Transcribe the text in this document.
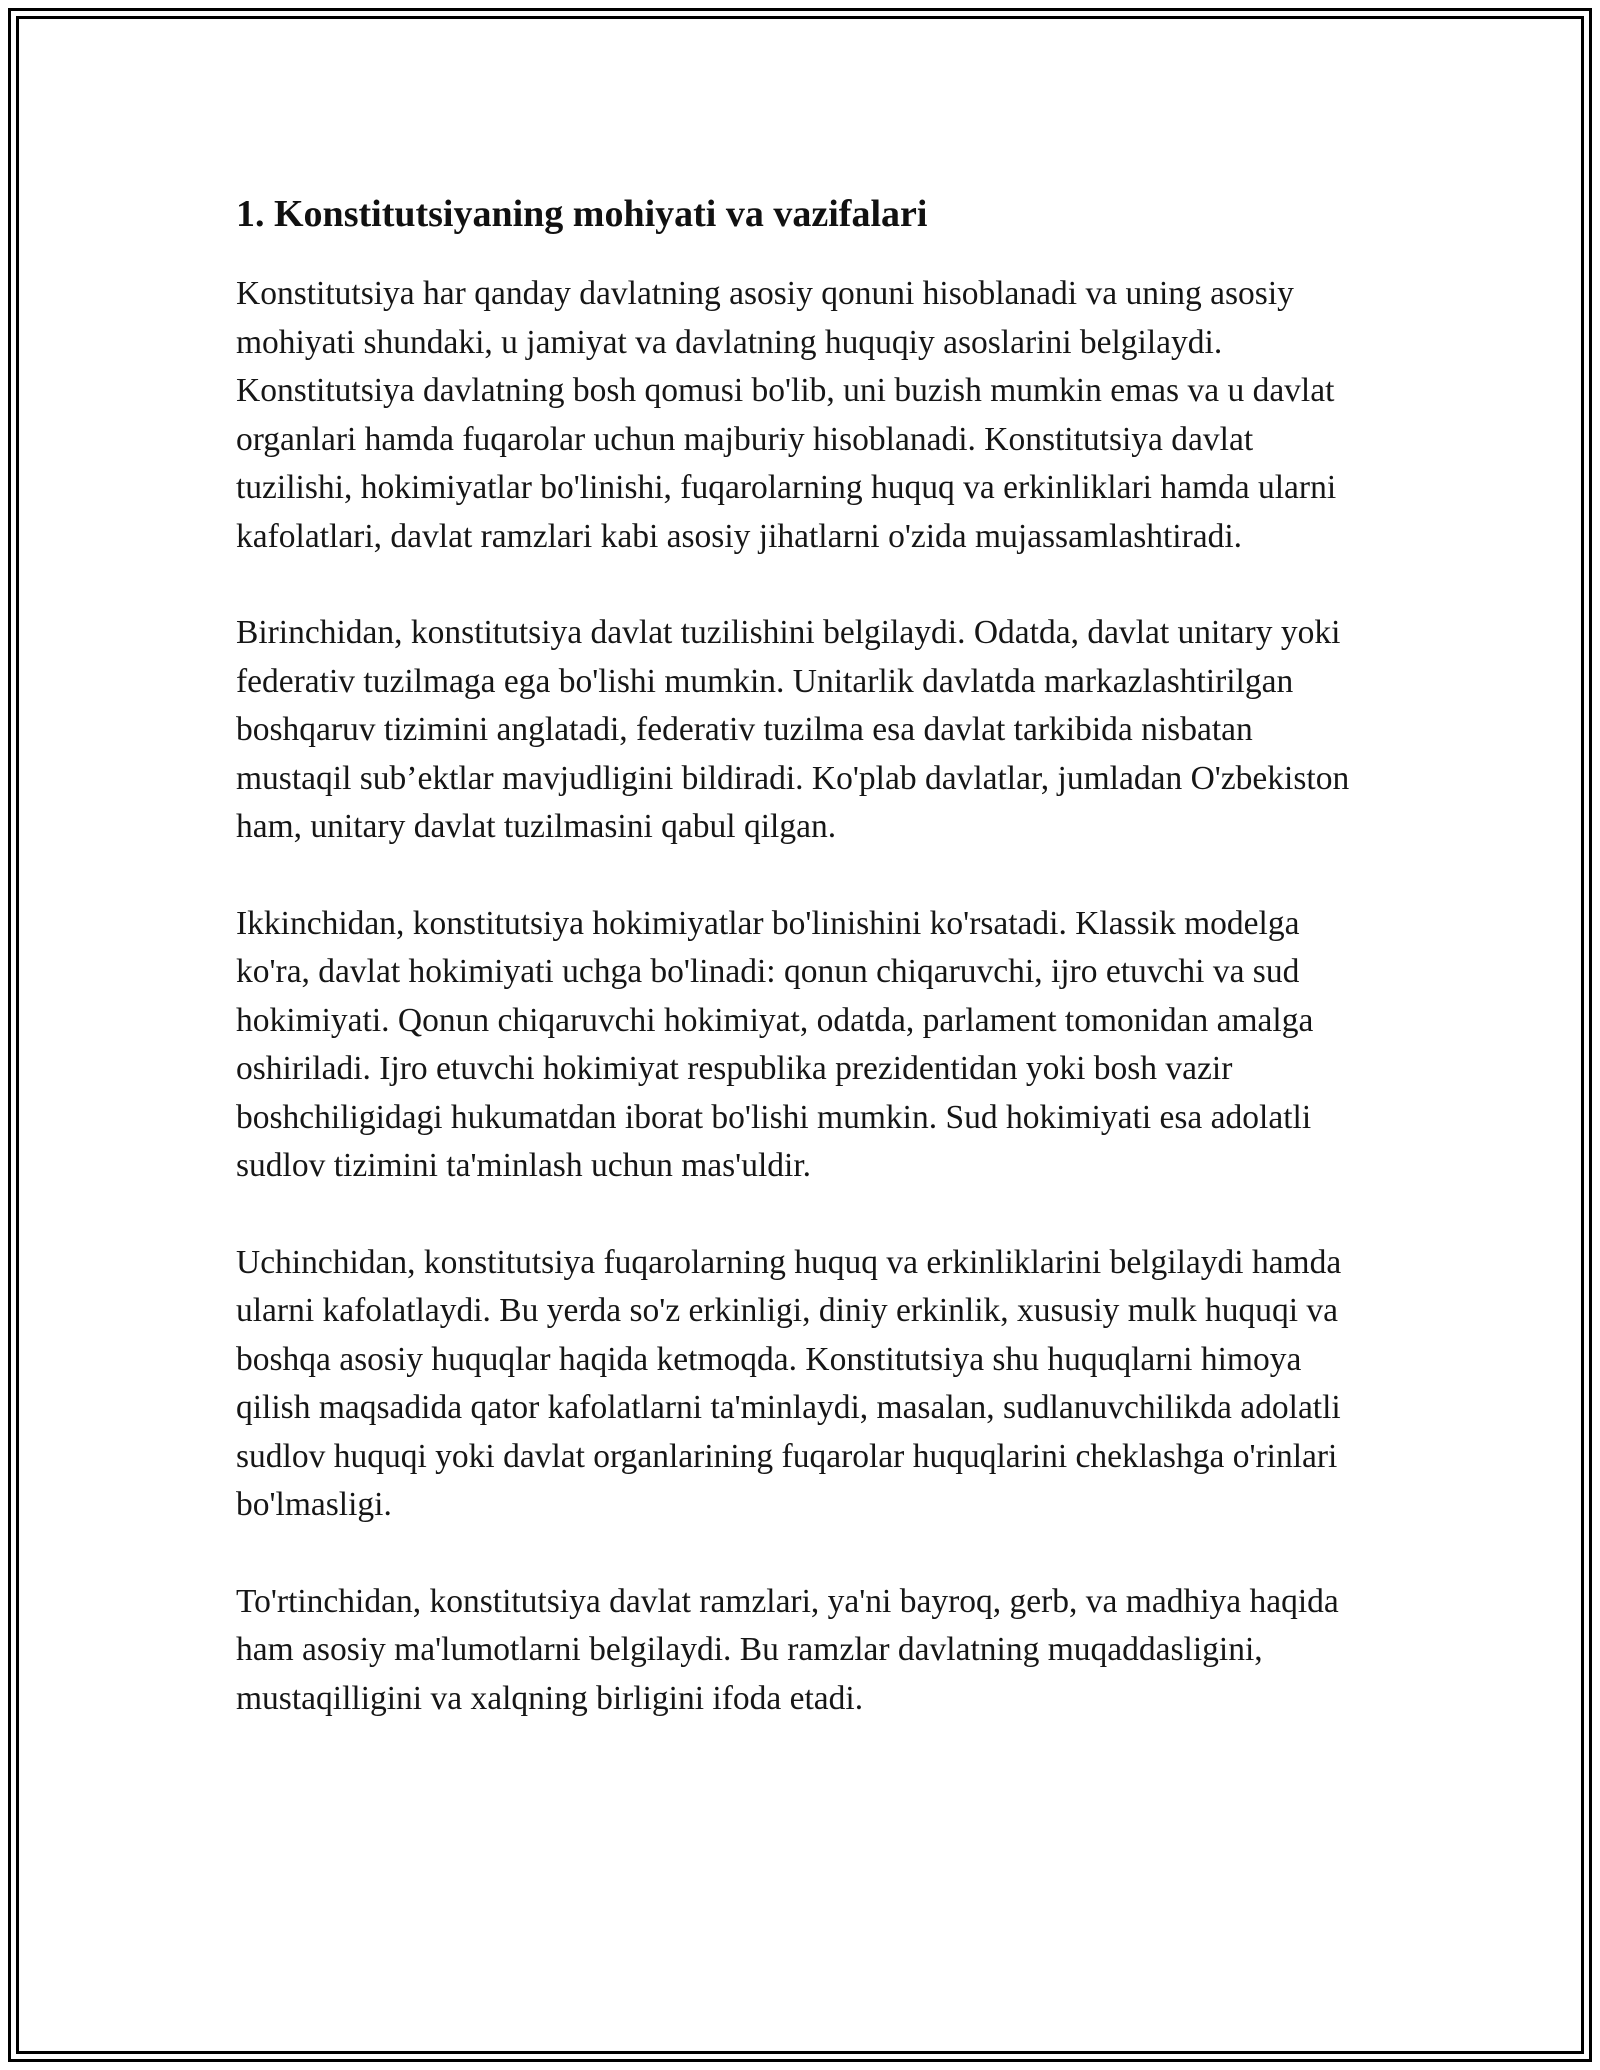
1. Konstitutsiyaning mohiyati va vazifalari

Konstitutsiya har qanday davlatning asosiy qonuni hisoblanadi va uning asosiy mohiyati shundaki, u jamiyat va davlatning huquqiy asoslarini belgilaydi. Konstitutsiya davlatning bosh qomusi bo'lib, uni buzish mumkin emas va u davlat organlari hamda fuqarolar uchun majburiy hisoblanadi. Konstitutsiya davlat tuzilishi, hokimiyatlar bo'linishi, fuqarolarning huquq va erkinliklari hamda ularni kafolatlari, davlat ramzlari kabi asosiy jihatlarni o'zida mujassamlashtiradi.

Birinchidan, konstitutsiya davlat tuzilishini belgilaydi. Odatda, davlat unitary yoki federativ tuzilmaga ega bo'lishi mumkin. Unitarlik davlatda markazlashtirilgan boshqaruv tizimini anglatadi, federativ tuzilma esa davlat tarkibida nisbatan mustaqil sub’ektlar mavjudligini bildiradi. Ko'plab davlatlar, jumladan O'zbekiston ham, unitary davlat tuzilmasini qabul qilgan.

Ikkinchidan, konstitutsiya hokimiyatlar bo'linishini ko'rsatadi. Klassik modelga ko'ra, davlat hokimiyati uchga bo'linadi: qonun chiqaruvchi, ijro etuvchi va sud hokimiyati. Qonun chiqaruvchi hokimiyat, odatda, parlament tomonidan amalga oshiriladi. Ijro etuvchi hokimiyat respublika prezidentidan yoki bosh vazir boshchiligidagi hukumatdan iborat bo'lishi mumkin. Sud hokimiyati esa adolatli sudlov tizimini ta'minlash uchun mas'uldir.

Uchinchidan, konstitutsiya fuqarolarning huquq va erkinliklarini belgilaydi hamda ularni kafolatlaydi. Bu yerda so'z erkinligi, diniy erkinlik, xususiy mulk huquqi va boshqa asosiy huquqlar haqida ketmoqda. Konstitutsiya shu huquqlarni himoya qilish maqsadida qator kafolatlarni ta'minlaydi, masalan, sudlanuvchilikda adolatli sudlov huquqi yoki davlat organlarining fuqarolar huquqlarini cheklashga o'rinlari bo'lmasligi.

To'rtinchidan, konstitutsiya davlat ramzlari, ya'ni bayroq, gerb, va madhiya haqida ham asosiy ma'lumotlarni belgilaydi. Bu ramzlar davlatning muqaddasligini, mustaqilligini va xalqning birligini ifoda etadi.
